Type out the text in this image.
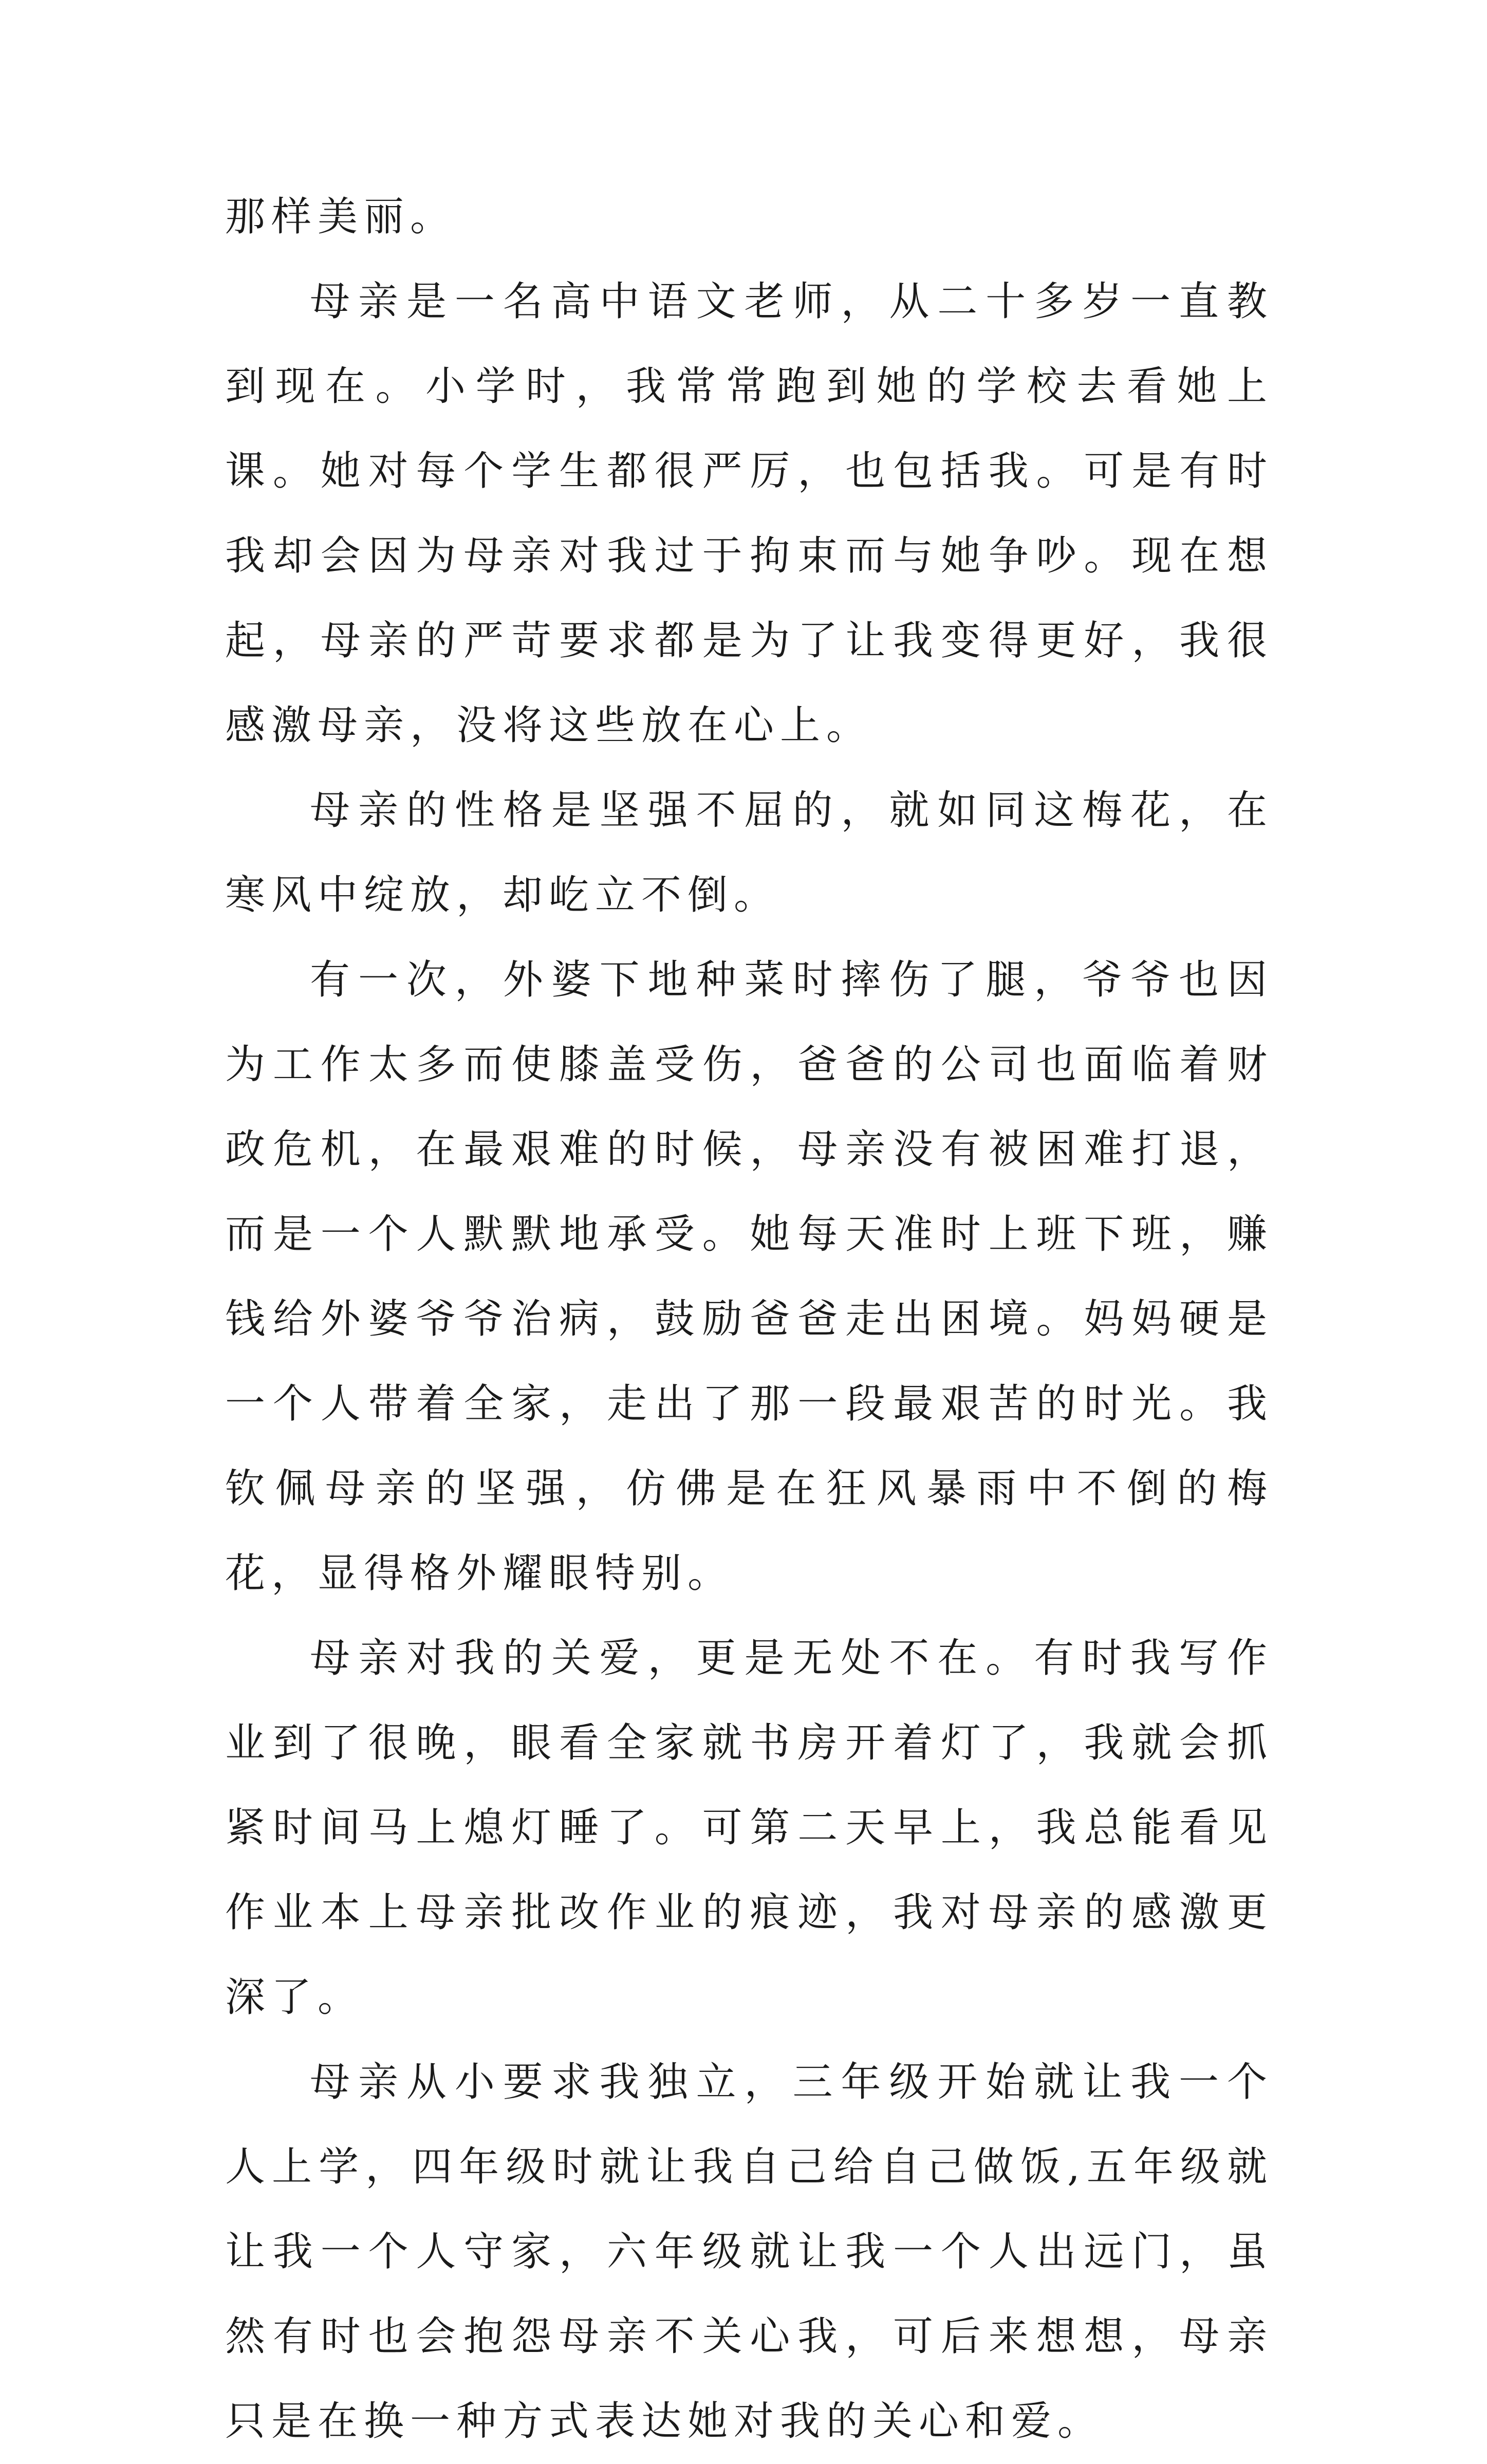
那样美丽。

母亲是一名高中语文老师，从二十多岁一直教到现在。小学时，我常常跑到她的学校去看她上课。她对每个学生都很严厉，也包括我。可是有时我却会因为母亲对我过于拘束而与她争吵。现在想起，母亲的严苛要求都是为了让我变得更好，我很感激母亲，没将这些放在心上。

母亲的性格是坚强不屈的，就如同这梅花，在寒风中绽放，却屹立不倒。

有一次，外婆下地种菜时摔伤了腿，爷爷也因为工作太多而使膝盖受伤，爸爸的公司也面临着财政危机，在最艰难的时候，母亲没有被困难打退，而是一个人默默地承受。她每天准时上班下班，赚钱给外婆爷爷治病，鼓励爸爸走出困境。妈妈硬是一个人带着全家，走出了那一段最艰苦的时光。我钦佩母亲的坚强，仿佛是在狂风暴雨中不倒的梅花，显得格外耀眼特别。

母亲对我的关爱，更是无处不在。有时我写作业到了很晚，眼看全家就书房开着灯了，我就会抓紧时间马上熄灯睡了。可第二天早上，我总能看见作业本上母亲批改作业的痕迹，我对母亲的感激更深了。

母亲从小要求我独立，三年级开始就让我一个人上学，四年级时就让我自己给自己做饭,五年级就让我一个人守家，六年级就让我一个人出远门，虽然有时也会抱怨母亲不关心我，可后来想想，母亲只是在换一种方式表达她对我的关心和爱。
